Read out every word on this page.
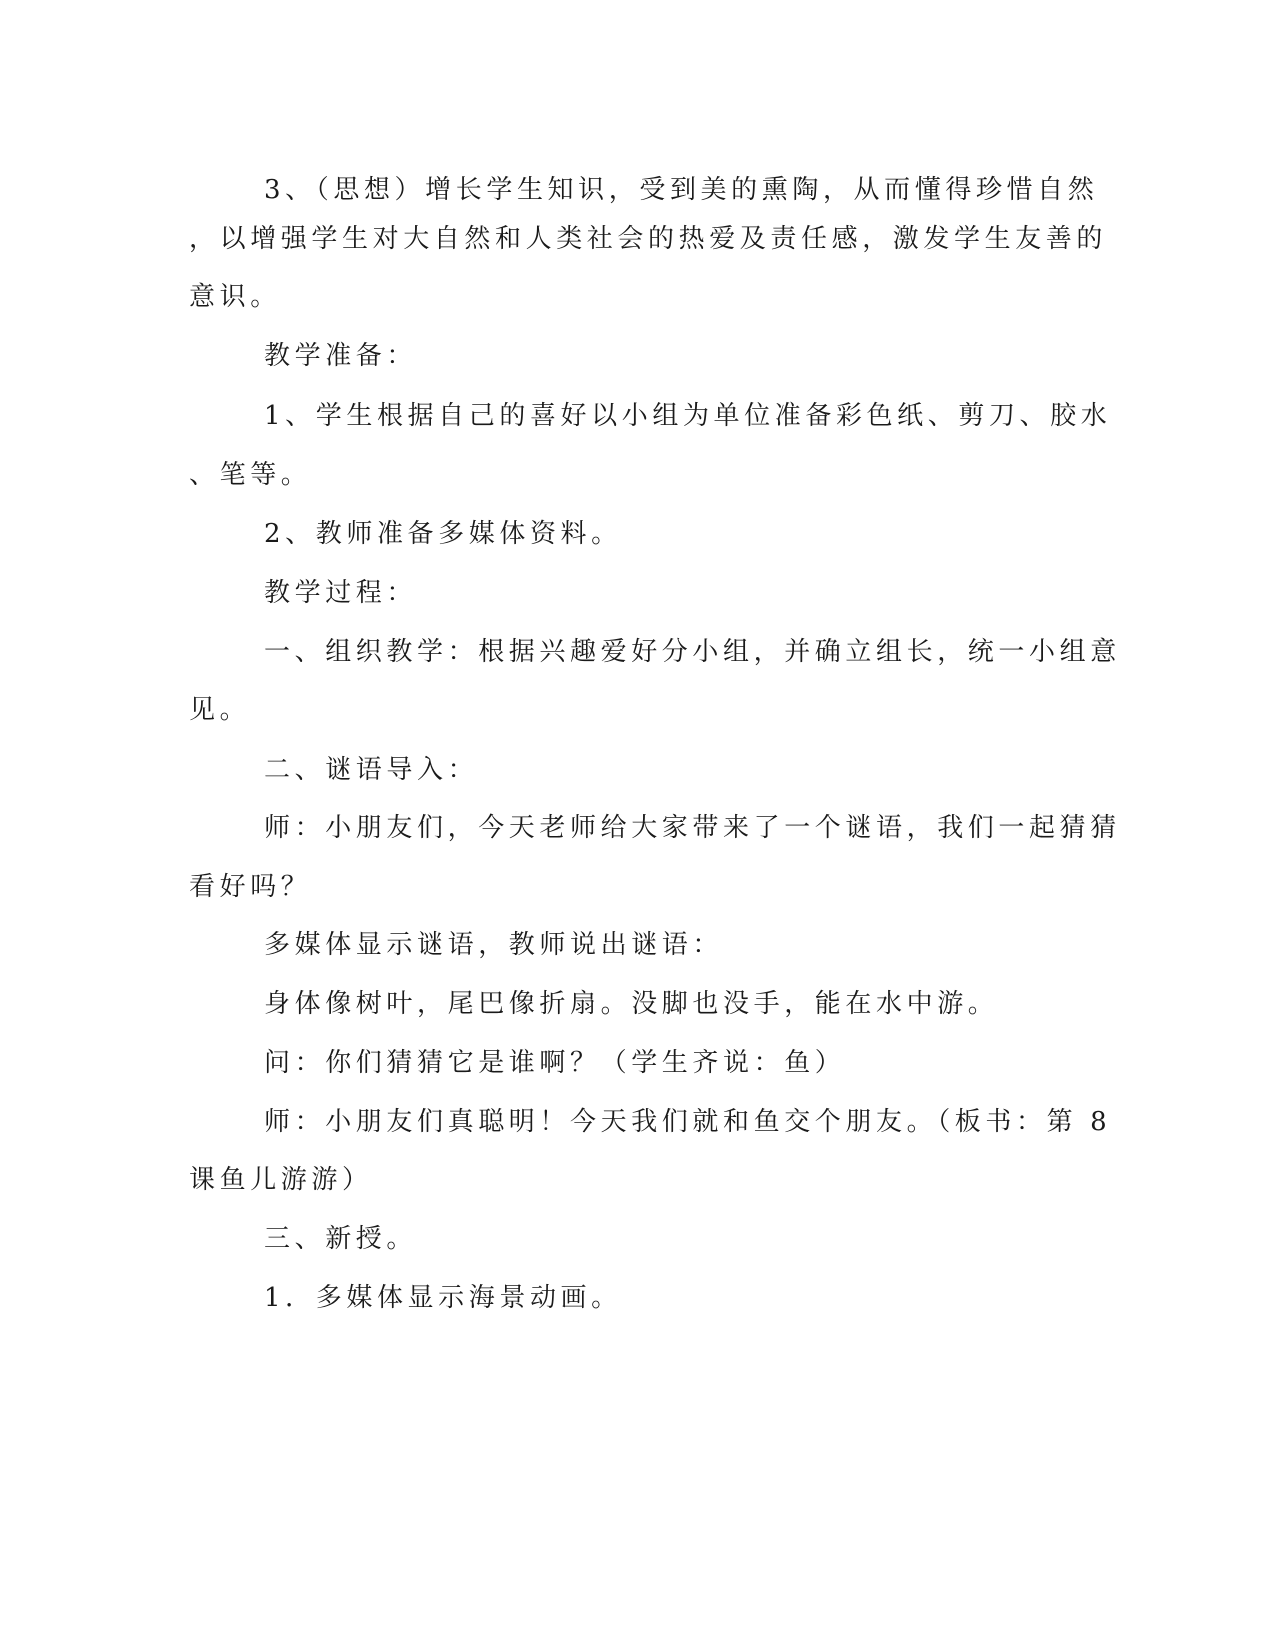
3、（思想）增长学生知识，受到美的熏陶，从而懂得珍惜自然
，以增强学生对大自然和人类社会的热爱及责任感，激发学生友善的
意识。
教学准备：
1、学生根据自己的喜好以小组为单位准备彩色纸、剪刀、胶水
、笔等。
2、教师准备多媒体资料。
教学过程：
一、组织教学：根据兴趣爱好分小组，并确立组长，统一小组意
见。
二、谜语导入：
师：小朋友们，今天老师给大家带来了一个谜语，我们一起猜猜
看好吗？
多媒体显示谜语，教师说出谜语：
身体像树叶，尾巴像折扇。没脚也没手，能在水中游。
问：你们猜猜它是谁啊？（学生齐说：鱼）
师：小朋友们真聪明！今天我们就和鱼交个朋友。（板书：第 8
课鱼儿游游）
三、新授。
1．多媒体显示海景动画。
